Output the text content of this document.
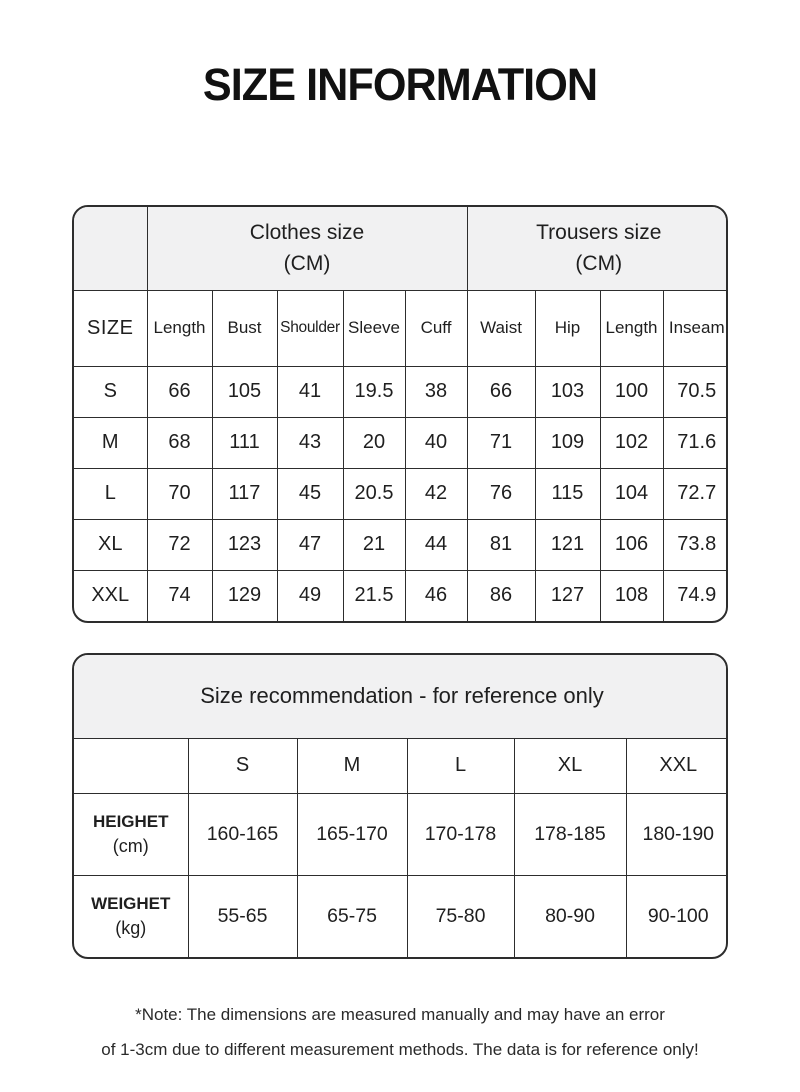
SIZE INFORMATION

Clothes size
(CM)

Trousers size
(CM)

SIZE	Length	Bust	Shoulder	Sleeve	Cuff	Waist	Hip	Length	Inseam
S	66	105	41	19.5	38	66	103	100	70.5
M	68	111	43	20	40	71	109	102	71.6
L	70	117	45	20.5	42	76	115	104	72.7
XL	72	123	47	21	44	81	121	106	73.8
XXL	74	129	49	21.5	46	86	127	108	74.9
Size recommendation - for reference only					
	S	M	L	XL	XXL

HEIGHET
(cm)	160-165	165-170	170-178	178-185	180-190

WEIGHET
(kg)	55-65	65-75	75-80	80-90	90-100
*Note: The dimensions are measured manually and may have an error
of 1-3cm due to different measurement methods. The data is for reference only!
